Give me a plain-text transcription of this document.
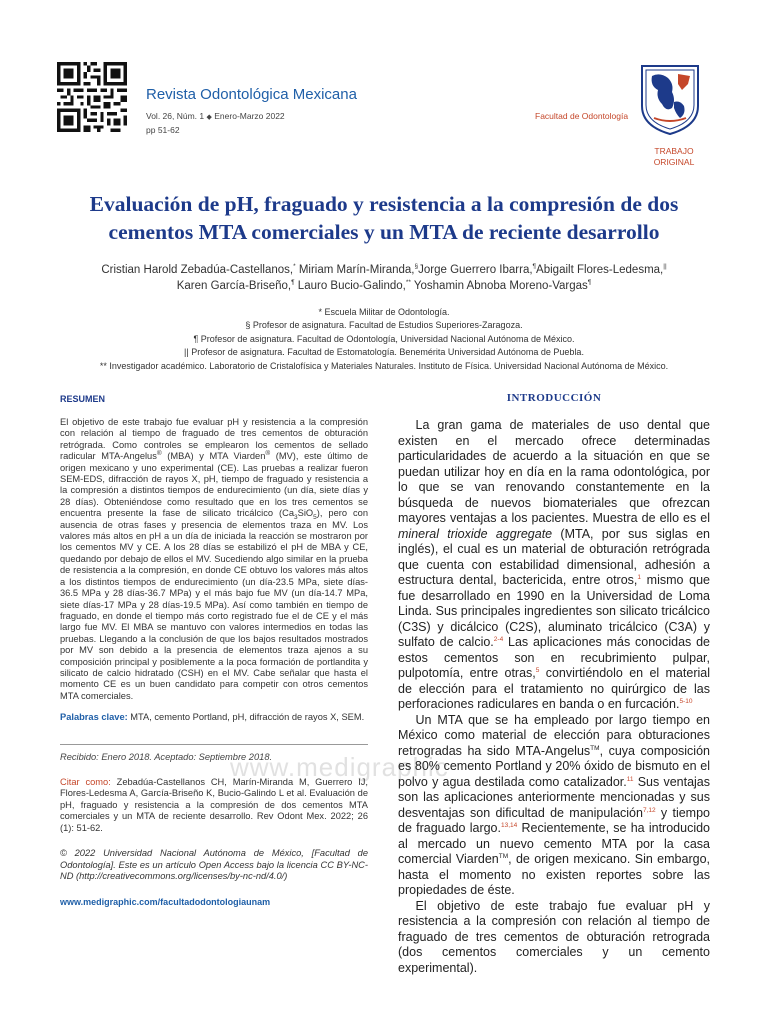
Revista Odontológica Mexicana
Vol. 26, Núm. 1 ◆ Enero-Marzo 2022
pp 51-62
Facultad de Odontología
TRABAJO
ORIGINAL
Evaluación de pH, fraguado y resistencia a la compresión de dos
cementos MTA comerciales y un MTA de reciente desarrollo
Cristian Harold Zebadúa-Castellanos,* Miriam Marín-Miranda,§Jorge Guerrero Ibarra,¶Abigailt Flores-Ledesma,||
Karen García-Briseño,¶ Lauro Bucio-Galindo,** Yoshamin Abnoba Moreno-Vargas¶
* Escuela Militar de Odontología.
§ Profesor de asignatura. Facultad de Estudios Superiores-Zaragoza.
¶ Profesor de asignatura. Facultad de Odontología, Universidad Nacional Autónoma de México.
|| Profesor de asignatura. Facultad de Estomatología. Benemérita Universidad Autónoma de Puebla.
** Investigador académico. Laboratorio de Cristalofísica y Materiales Naturales. Instituto de Física. Universidad Nacional Autónoma de México.
www.medigraphic
RESUMEN

El objetivo de este trabajo fue evaluar pH y resistencia a la compresión con relación al tiempo de fraguado de tres cementos de obturación retrógrada. Como controles se emplearon los cementos de sellado radicular MTA-Angelus® (MBA) y MTA Viarden® (MV), este último de origen mexicano y uno experimental (CE). Las pruebas a realizar fueron SEM-EDS, difracción de rayos X, pH, tiempo de fraguado y resistencia a la compresión a distintos tiempos de endurecimiento (un día, siete días y 28 días). Obteniéndose como resultado que en los tres cementos se encuentra presente la fase de silicato tricálcico $(Ca_3SiO_5)$, pero con ausencia de otras fases y presencia de elementos traza en MV. Los valores más altos en pH a un día de iniciada la reacción se mostraron por los cementos MV y CE. A los 28 días se estabilizó el pH de MBA y CE, quedando por debajo de ellos el MV. Sucediendo algo similar en la prueba de resistencia a la compresión, en donde CE obtuvo los valores más altos a los distintos tiempos de endurecimiento (un día-23.5 MPa, siete días-36.5 MPa y 28 días-36.7 MPa) y el más bajo fue MV (un día-14.7 MPa, siete días-17 MPa y 28 días-19.5 MPa). Así como también en tiempo de fraguado, en donde el tiempo más corto registrado fue el de CE y el más largo fue MV. El MBA se mantuvo con valores intermedios en todas las pruebas. Llegando a la conclusión de que los bajos resultados mostrados por MV son debido a la presencia de elementos traza ajenos a su composición principal y posiblemente a la poca formación de portlandita y silicato de calcio hidratado (CSH) en el MV. Cabe señalar que hasta el momento CE es un buen candidato para competir con otros cementos MTA comerciales.

Palabras clave: MTA, cemento Portland, pH, difracción de rayos X, SEM.

Recibido: Enero 2018. Aceptado: Septiembre 2018.

Citar como: Zebadúa-Castellanos CH, Marín-Miranda M, Guerrero IJ, Flores-Ledesma A, García-Briseño K, Bucio-Galindo L et al. Evaluación de pH, fraguado y resistencia a la compresión de dos cementos MTA comerciales y un MTA de reciente desarrollo. Rev Odont Mex. 2022; 26 (1): 51-62.
© 2022 Universidad Nacional Autónoma de México, [Facultad de Odontología]. Este es un artículo Open Access bajo la licencia CC BY-NC-ND (http://creativecommons.org/licenses/by-nc-nd/4.0/)
www.medigraphic.com/facultadodontologiaunam
INTRODUCCIÓN

La gran gama de materiales de uso dental que existen en el mercado ofrece determinadas particularidades de acuerdo a la situación en que se puedan utilizar hoy en día en la rama odontológica, por lo que se van renovando constantemente en la búsqueda de nuevos biomateriales que ofrezcan mayores ventajas a los pacientes. Muestra de ello es el mineral trioxide aggregate (MTA, por sus siglas en inglés), el cual es un material de obturación retrógrada que cuenta con estabilidad dimensional, adhesión a estructura dental, bactericida, entre otros,$^1$ mismo que fue desarrollado en 1990 en la Universidad de Loma Linda. Sus principales ingredientes son silicato tricálcico (C3S) y dicálcico (C2S), aluminato tricálcico (C3A) y sulfato de calcio.$^{2-4}$ Las aplicaciones más conocidas de estos cementos son en recubrimiento pulpar, pulpotomía, entre otras,$^5$ convirtiéndolo en el material de elección para el tratamiento no quirúrgico de las perforaciones radiculares en banda o en furcación.$^{5-10}$

Un MTA que se ha empleado por largo tiempo en México como material de elección para obturaciones retrogradas ha sido MTA-Angelus™, cuya composición es 80% cemento Portland y 20% óxido de bismuto en el polvo y agua destilada como catalizador.$^{11}$ Sus ventajas son las aplicaciones anteriormente mencionadas y sus desventajas son dificultad de manipulación$^{7,12}$ y tiempo de fraguado largo.$^{13,14}$ Recientemente, se ha introducido al mercado un nuevo cemento MTA por la casa comercial Viarden™, de origen mexicano. Sin embargo, hasta el momento no existen reportes sobre las propiedades de éste.

El objetivo de este trabajo fue evaluar pH y resistencia a la compresión con relación al tiempo de fraguado de tres cementos de obturación retrograda (dos cementos comerciales y un cemento experimental).
